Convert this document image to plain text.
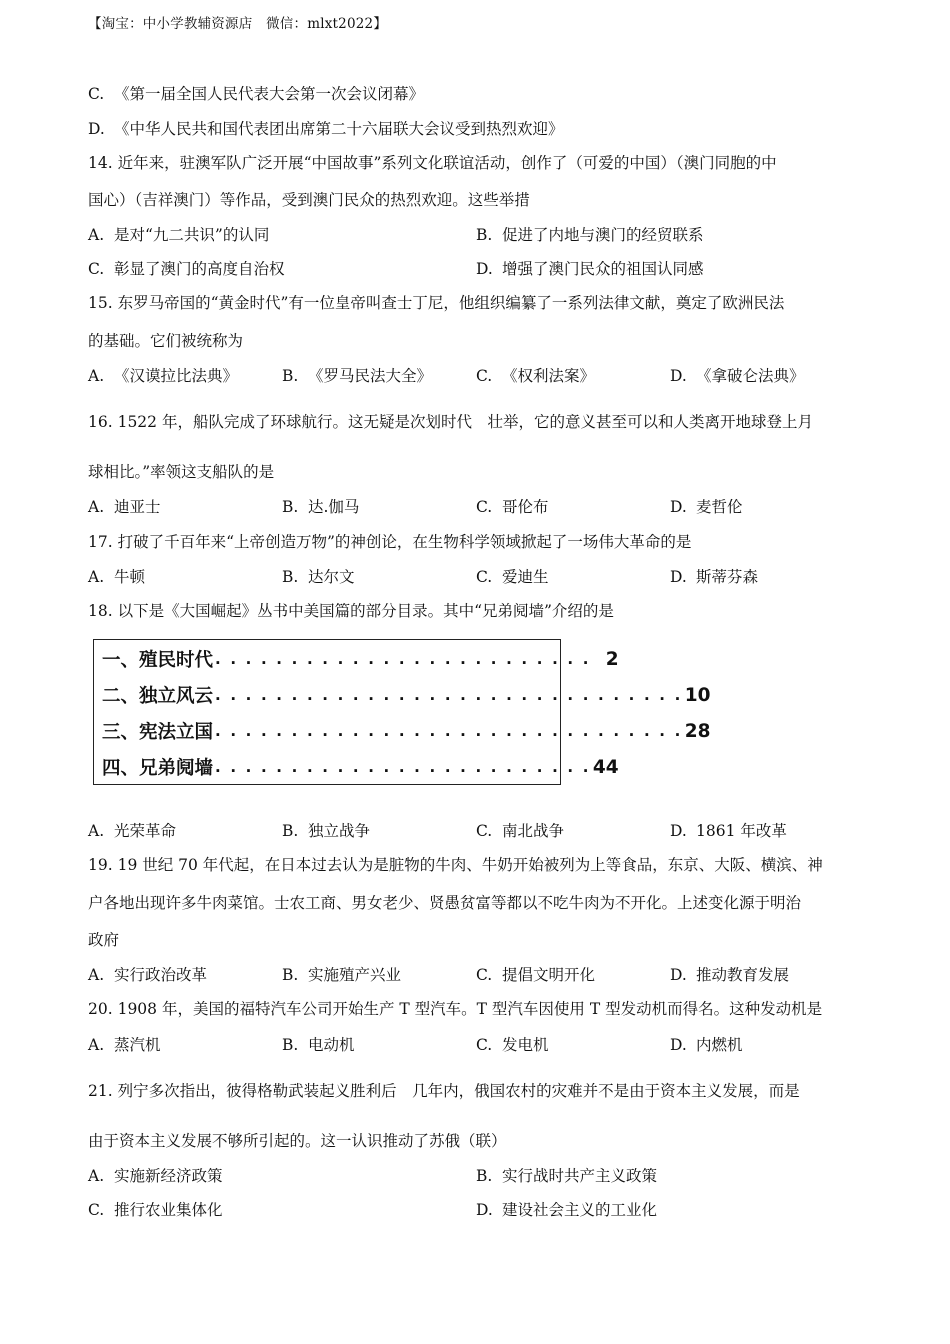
【淘宝：中小学教辅资源店　微信：mlxt2022】
C. 《第一届全国人民代表大会第一次会议闭幕》
D. 《中华人民共和国代表团出席第二十六届联大会议受到热烈欢迎》
14. 近年来，驻澳军队广泛开展“中国故事”系列文化联谊活动，创作了（可爱的中国）（澳门同胞的中
国心）（吉祥澳门）等作品，受到澳门民众的热烈欢迎。这些举措
A. 是对“九二共识”的认同	B. 促进了内地与澳门的经贸联系
C. 彰显了澳门的高度自治权	D. 增强了澳门民众的祖国认同感
15. 东罗马帝国的“黄金时代”有一位皇帝叫查士丁尼，他组织编纂了一系列法律文献，奠定了欧洲民法
的基础。它们被统称为
A. 《汉谟拉比法典》	B. 《罗马民法大全》	C. 《权利法案》	D. 《拿破仑法典》
16. 1522 年，船队完成了环球航行。这无疑是次划时代　壮举，它的意义甚至可以和人类离开地球登上月
球相比。”率领这支船队的是
A. 迪亚士	B. 达.伽马	C. 哥伦布	D. 麦哲伦
17. 打破了千百年来“上帝创造万物”的神创论，在生物科学领域掀起了一场伟大革命的是
A. 牛顿	B. 达尔文	C. 爱迪生	D. 斯蒂芬森
18. 以下是《大国崛起》丛书中美国篇的部分目录。其中“兄弟阋墙”介绍的是
一、殖民时代 . . . . . . . . . . . . . . . . . . . . . . . . . 2
二、独立风云 . . . . . . . . . . . . . . . . . . . . . . . . . . . . . . . 10
三、宪法立国 . . . . . . . . . . . . . . . . . . . . . . . . . . . . . . . 28
四、兄弟阋墙 . . . . . . . . . . . . . . . . . . . . . . . . . 44
A. 光荣革命	B. 独立战争	C. 南北战争	D. 1861 年改革
19. 19 世纪 70 年代起，在日本过去认为是脏物的牛肉、牛奶开始被列为上等食品，东京、大阪、横滨、神
户各地出现许多牛肉菜馆。士农工商、男女老少、贤愚贫富等都以不吃牛肉为不开化。上述变化源于明治
政府
A. 实行政治改革	B. 实施殖产兴业	C. 提倡文明开化	D. 推动教育发展
20. 1908 年，美国的福特汽车公司开始生产 T 型汽车。T 型汽车因使用 T 型发动机而得名。这种发动机是
A. 蒸汽机	B. 电动机	C. 发电机	D. 内燃机
21. 列宁多次指出，彼得格勒武装起义胜利后　几年内，俄国农村的灾难并不是由于资本主义发展，而是
由于资本主义发展不够所引起的。这一认识推动了苏俄（联）
A. 实施新经济政策	B. 实行战时共产主义政策
C. 推行农业集体化	D. 建设社会主义的工业化
